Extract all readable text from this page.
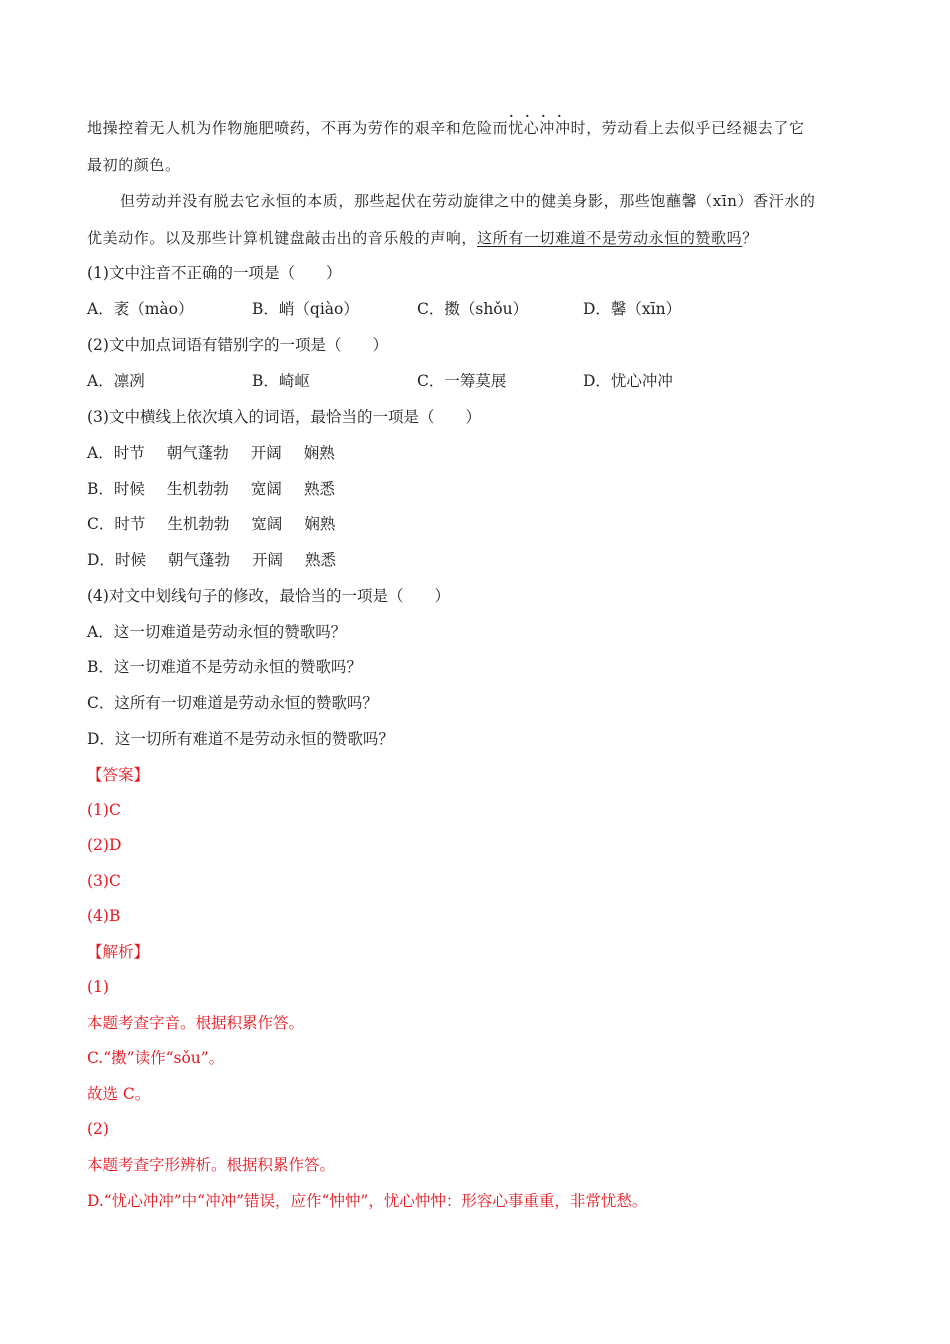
地操控着无人机为作物施肥喷药，不再为劳作的艰辛和危险而
· · · ·
忧心冲冲时，劳动看上去似乎已经褪去了它
最初的颜色。
但劳动并没有脱去它永恒的本质，那些起伏在劳动旋律之中的健美身影，那些饱蘸馨（xīn）香汗水的
优美动作。以及那些计算机键盘敲击出的音乐般的声响，这所有一切难道不是劳动永恒的赞歌吗？
(1)文中注音不正确的一项是（　　）
A．袤（mào）	B．峭（qiào）	C．擞（shǒu）	D．馨（xīn）
(2)文中加点词语有错别字的一项是（　　）
A．凛冽	B．崎岖	C．一筹莫展	D．忧心冲冲
(3)文中横线上依次填入的词语，最恰当的一项是（　　）
A．时节 朝气蓬勃 开阔 娴熟
B．时候 生机勃勃 宽阔 熟悉
C．时节 生机勃勃 宽阔 娴熟
D．时候 朝气蓬勃 开阔 熟悉
(4)对文中划线句子的修改，最恰当的一项是（　　）
A．这一切难道是劳动永恒的赞歌吗？
B．这一切难道不是劳动永恒的赞歌吗？
C．这所有一切难道是劳动永恒的赞歌吗？
D．这一切所有难道不是劳动永恒的赞歌吗？
【答案】
(1)C
(2)D
(3)C
(4)B
【解析】
(1)
本题考查字音。根据积累作答。
C.“擞”读作“sǒu”。
故选 C。
(2)
本题考查字形辨析。根据积累作答。
D.“忧心冲冲”中“冲冲”错误，应作“忡忡”，忧心忡忡：形容心事重重，非常忧愁。
